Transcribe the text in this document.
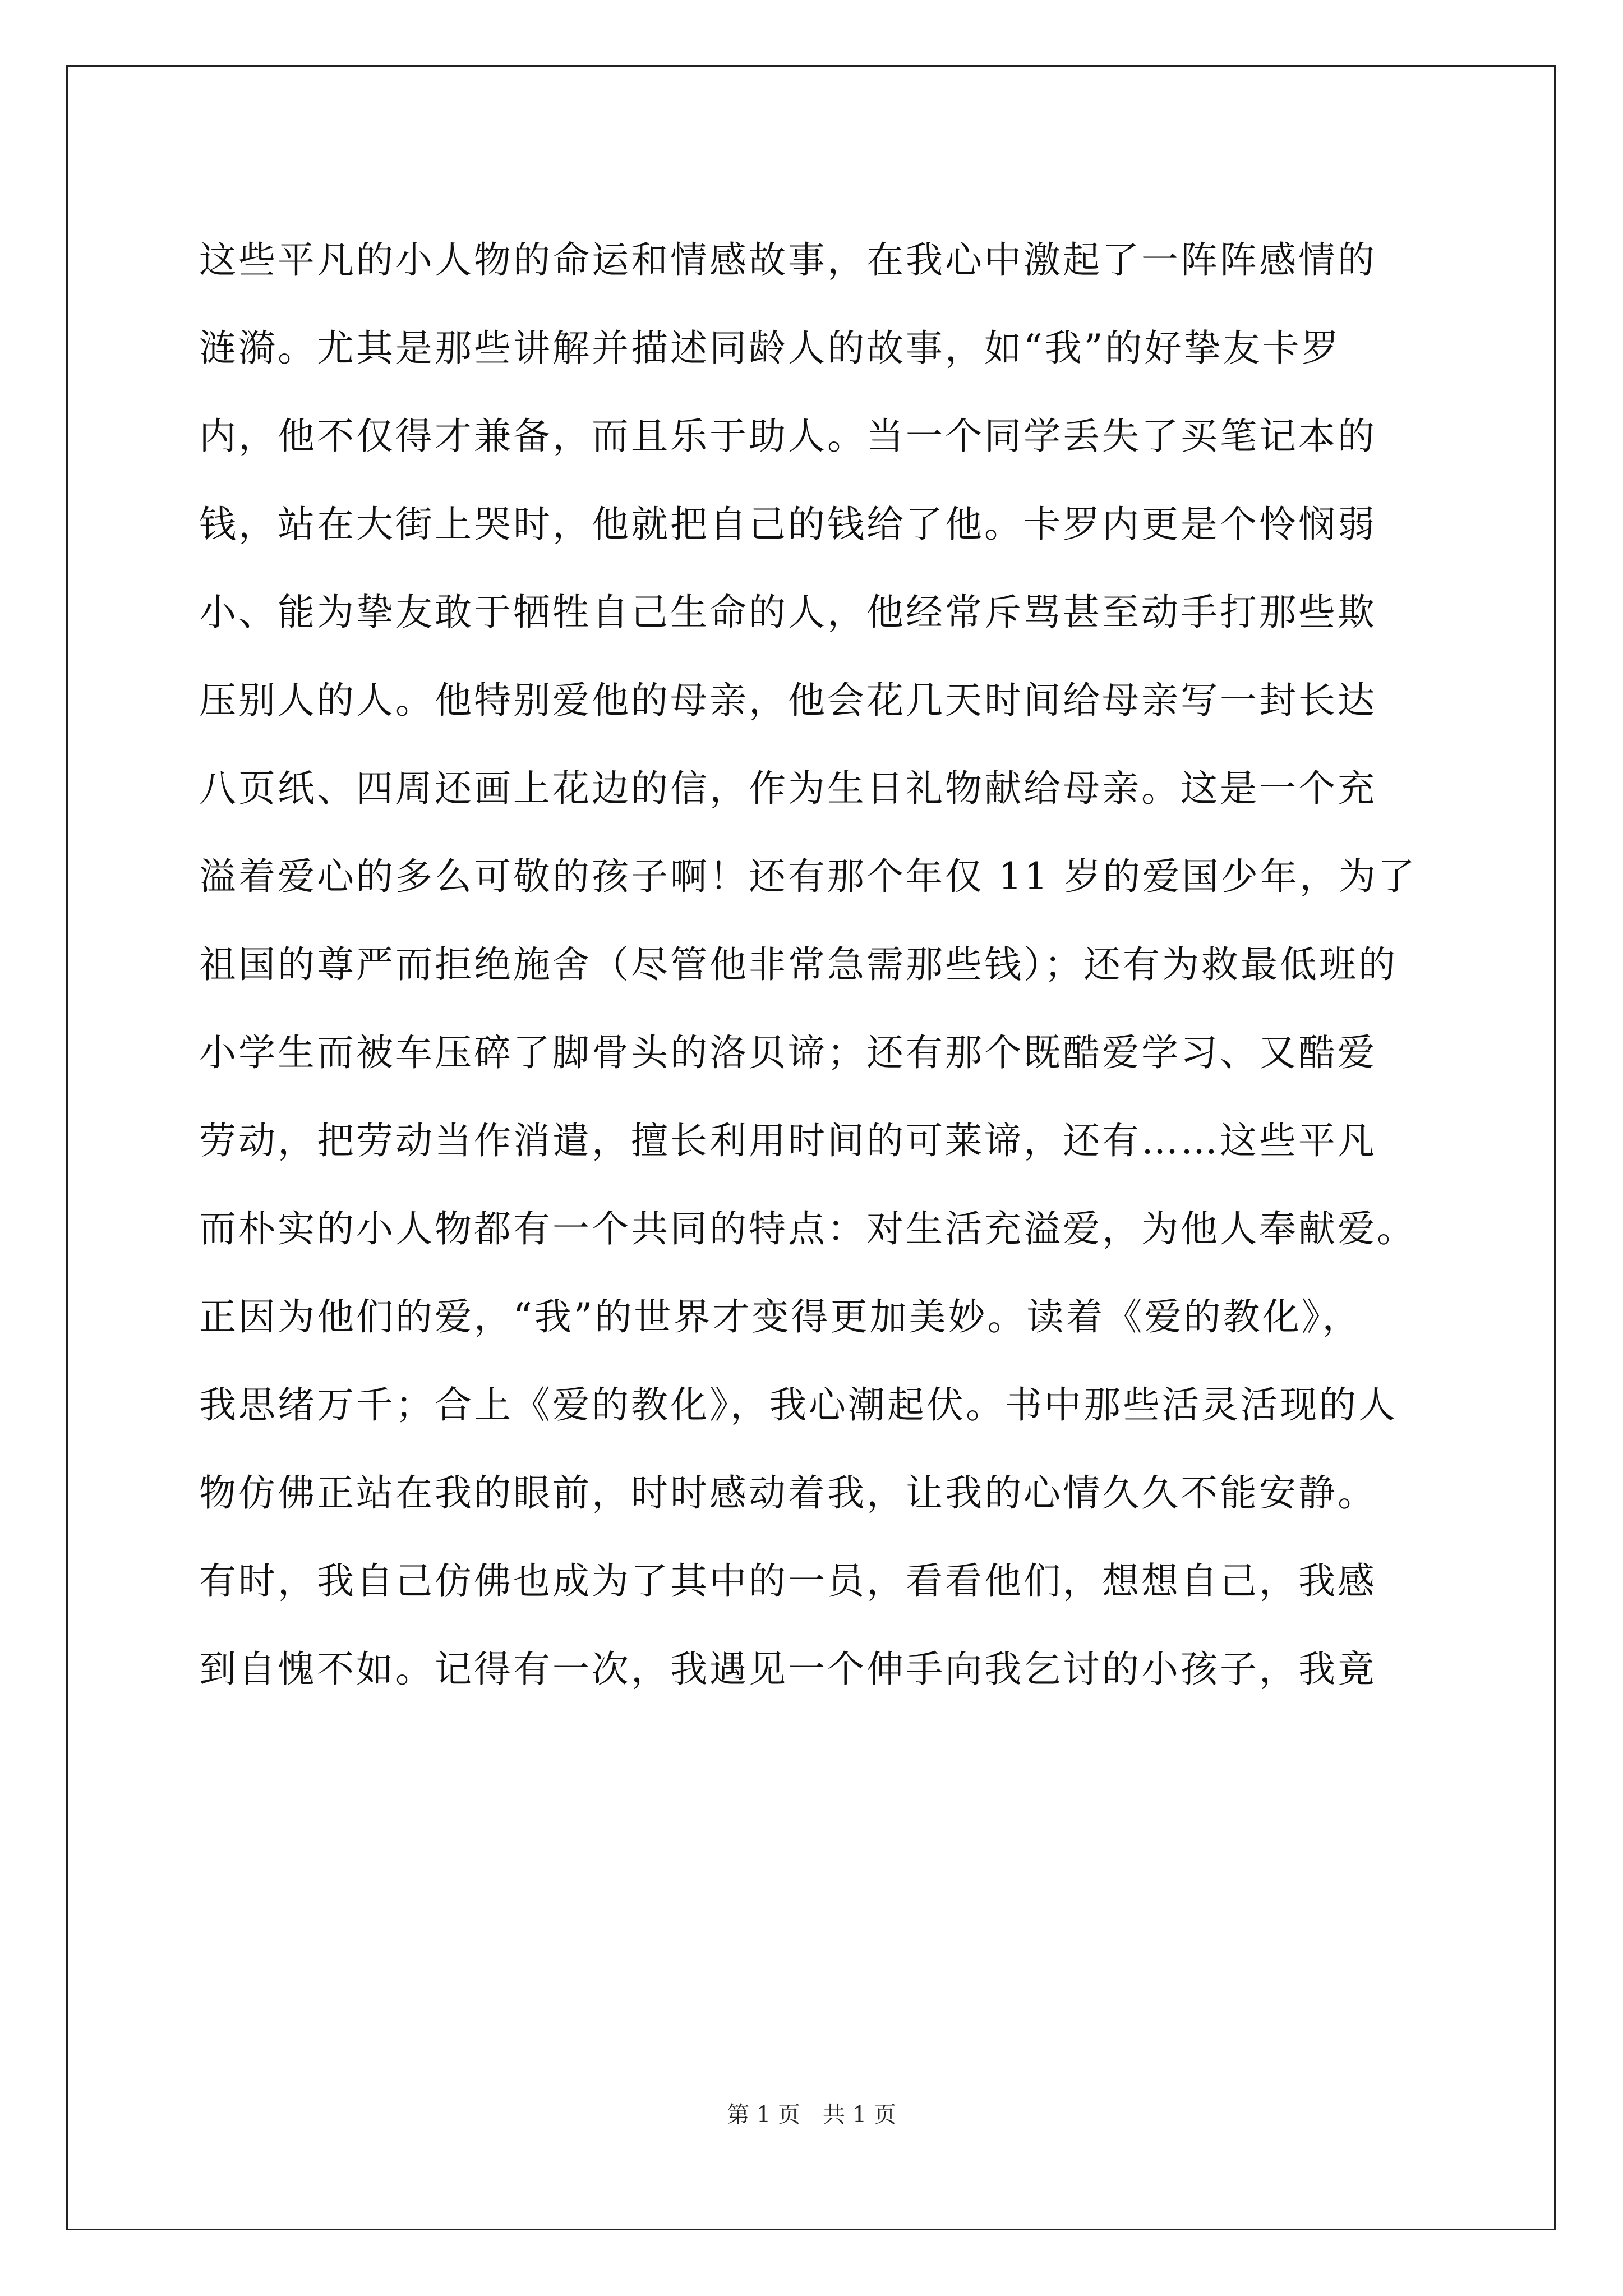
这些平凡的小人物的命运和情感故事，在我心中激起了一阵阵感情的
涟漪。尤其是那些讲解并描述同龄人的故事，如“我”的好挚友卡罗
内，他不仅得才兼备，而且乐于助人。当一个同学丢失了买笔记本的
钱，站在大街上哭时，他就把自己的钱给了他。卡罗内更是个怜悯弱
小、能为挚友敢于牺牲自己生命的人，他经常斥骂甚至动手打那些欺
压别人的人。他特别爱他的母亲，他会花几天时间给母亲写一封长达
八页纸、四周还画上花边的信，作为生日礼物献给母亲。这是一个充
溢着爱心的多么可敬的孩子啊！还有那个年仅 11 岁的爱国少年，为了
祖国的尊严而拒绝施舍（尽管他非常急需那些钱）；还有为救最低班的
小学生而被车压碎了脚骨头的洛贝谛；还有那个既酷爱学习、又酷爱
劳动，把劳动当作消遣，擅长利用时间的可莱谛，还有……这些平凡
而朴实的小人物都有一个共同的特点：对生活充溢爱，为他人奉献爱。
正因为他们的爱，“我”的世界才变得更加美妙。读着《爱的教化》，
我思绪万千；合上《爱的教化》，我心潮起伏。书中那些活灵活现的人
物仿佛正站在我的眼前，时时感动着我，让我的心情久久不能安静。
有时，我自己仿佛也成为了其中的一员，看看他们，想想自己，我感
到自愧不如。记得有一次，我遇见一个伸手向我乞讨的小孩子，我竟
第 1 页　共 1 页
